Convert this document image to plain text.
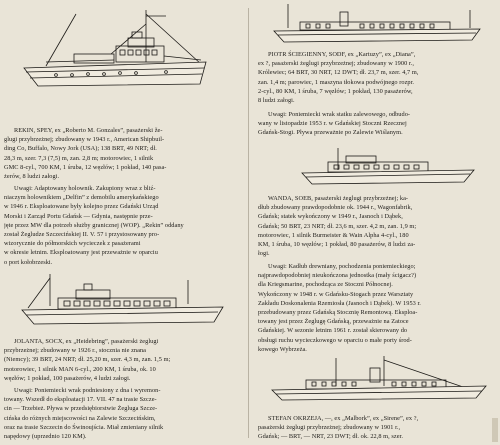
REKIN, SPEY, ex „Roberto M. Gonzales”, pasażerski že-
glugi przybrzeżnej; zbudowany w 1943 r., American Shipbuil-
ding Co, Buffalo, Nowy Jork (USA); 138 BRT, 49 NRT; dł.
28,3 m, szer. 7,3 (7,5) m, zan. 2,8 m; motorowiec, 1 silnik
GMC 8-cyl., 700 KM, 1 śruba, 12 węzłów; 1 pokład, 140 pasa-
żerów, 8 ludzi załogi.
Uwagi: Adaptowany holownik. Zakupiony wraz z bliź-
niaczym holownikiem „Delfin” z demobilu amerykańskiego
w 1946 r. Eksploatowane były kolejno przez Gdański Urząd
Morski i Zarząd Portu Gdańsk — Gdynia, następnie prze-
jęte przez MW dla potrzeb służby granicznej (WOP). „Rekin” oddany
został Żegludze Szczecińskiej II. V. 57 i przystosowany pro-
wizorycznie do półmorskich wycieczek z pasażerami
w okresie letnim. Eksploatowany jest przeważnie w oparciu
o port kołobrzeski.
JOLANTA, SOCX, ex „Heidebring”, pasażerski żeglugi
przybrzeżnej; zbudowany w 1926 r., stocznia nie znana
(Niemcy); 39 BRT, 24 NRT; dł. 25,20 m, szer. 4,3 m, zan. 1,5 m;
motorowiec, 1 silnik MAN 6-cyl., 200 KM, 1 śruba, ok. 10
węzłów; 1 pokład, 100 pasażerów, 4 ludzi załogi.
Uwagi: Poniemiecki wrak podniesiony z dna i wyremon-
towany. Wszedł do eksploatacji 17. VII. 47 na trasie Szcze-
cin — Trzebież. Pływa w przedsiębiorstwie Żegluga Szcze-
cińska do różnych miejscowości na Zalewie Szczecińskim,
oraz na trasie Szczecin do Świnoujścia. Miał zmieniany silnik
napędowy (uprzednio 120 KM).
PIOTR ŚCIEGIENNY, SODF, ex „Kartuzy”, ex „Diana”,
ex ?, pasażerski żeglugi przybrzeżnej; zbudowany w 1900 r.,
Królewiec; 64 BRT, 30 NRT, 12 DWT; dł. 23,7 m, szer. 4,7 m,
zan. 1,4 m; parowiec, 1 maszyna tłokowa podwójnego rozpr.
2-cyl., 80 KM, 1 śruba, 7 węzłów; 1 pokład, 130 pasażerów,
8 ludzi załogi.
Uwagi: Poniemiecki wrak statku zalewowego, odbudo-
wany w listopadzie 1953 r. w Gdańskiej Stoczni Rzecznej
Gdańsk-Stogi. Pływa przeważnie po Zalewie Wiślanym.
WANDA, SOEB, pasażerski żeglugi przybrzeżnej; ka-
dłub zbudowany prawdopodobnie ok. 1944 r., Wagonfabrik,
Gdańsk; statek wykończony w 1949 r., Jasnoch i Dąbek,
Gdańsk; 50 BRT, 23 NRT; dł. 23,6 m, szer. 4,2 m, zan. 1,9 m;
motorowiec, 1 silnik Burmeister & Wain Alpha 4-cyl., 180
KM, 1 śruba, 10 węzłów; 1 pokład, 80 pasażerów, 8 ludzi za-
łogi.
Uwagi: Kadłub drewniany, pochodzenia poniemieckiego;
najprawdopodobniej nieukończona jednostka (mały ścigacz?)
dla Kriegsmarine, pochodząca ze Stoczni Północnej.
Wykończony w 1948 r. w Gdańsku-Stogach przez Warsztaty
Zakładu Doskonalenia Rzemiosła (Jasnoch i Dąbek). W 1953 r.
przebudowany przez Gdańską Stocznię Remontową. Eksploa-
towany jest przez Żeglugę Gdańską, przeważnie na Zatoce
Gdańskiej. W sezonie letnim 1961 r. został skierowany do
obsługi ruchu wycieczkowego w oparciu o małe porty środ-
kowego Wybrzeża.
STEFAN OKRZEJA, —, ex „Malbork”, ex „Sirene”, ex ?,
pasażerski żeglugi przybrzeżnej; zbudowany w 1901 r.,
Gdańsk; — BRT, — NRT, 23 DWT; dł. ok. 22,8 m, szer.
